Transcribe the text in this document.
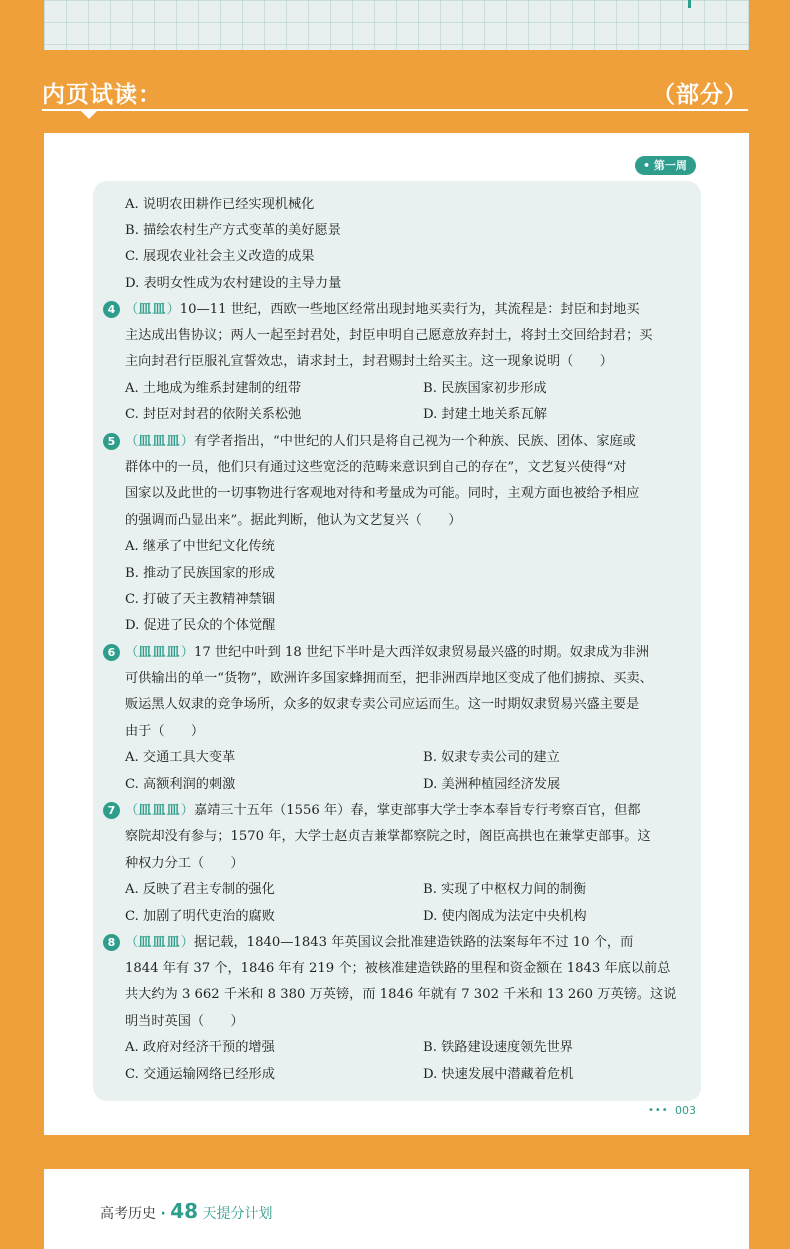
内页试读：	（部分）
• 第一周
A. 说明农田耕作已经实现机械化
B. 描绘农村生产方式变革的美好愿景
C. 展现农业社会主义改造的成果
D. 表明女性成为农村建设的主导力量
4 （皿皿）10—11 世纪，西欧一些地区经常出现封地买卖行为，其流程是：封臣和封地买
主达成出售协议；两人一起至封君处，封臣申明自己愿意放弃封土，将封土交回给封君；买
主向封君行臣服礼宣誓效忠，请求封土，封君赐封土给买主。这一现象说明（　　）
A. 土地成为维系封建制的纽带	B. 民族国家初步形成
C. 封臣对封君的依附关系松弛	D. 封建土地关系瓦解
5 （皿皿皿）有学者指出，“中世纪的人们只是将自己视为一个种族、民族、团体、家庭或
群体中的一员，他们只有通过这些宽泛的范畴来意识到自己的存在”，文艺复兴使得“对
国家以及此世的一切事物进行客观地对待和考量成为可能。同时，主观方面也被给予相应
的强调而凸显出来”。据此判断，他认为文艺复兴（　　）
A. 继承了中世纪文化传统
B. 推动了民族国家的形成
C. 打破了天主教精神禁锢
D. 促进了民众的个体觉醒
6 （皿皿皿）17 世纪中叶到 18 世纪下半叶是大西洋奴隶贸易最兴盛的时期。奴隶成为非洲
可供输出的单一“货物”，欧洲许多国家蜂拥而至，把非洲西岸地区变成了他们掳掠、买卖、
贩运黑人奴隶的竞争场所，众多的奴隶专卖公司应运而生。这一时期奴隶贸易兴盛主要是
由于（　　）
A. 交通工具大变革	B. 奴隶专卖公司的建立
C. 高额利润的刺激	D. 美洲种植园经济发展
7 （皿皿皿）嘉靖三十五年（1556 年）春，掌吏部事大学士李本奉旨专行考察百官，但都
察院却没有参与；1570 年，大学士赵贞吉兼掌都察院之时，阁臣高拱也在兼掌吏部事。这
种权力分工（　　）
A. 反映了君主专制的强化	B. 实现了中枢权力间的制衡
C. 加剧了明代吏治的腐败	D. 使内阁成为法定中央机构
8 （皿皿皿）据记载，1840—1843 年英国议会批准建造铁路的法案每年不过 10 个，而
1844 年有 37 个，1846 年有 219 个；被核准建造铁路的里程和资金额在 1843 年底以前总
共大约为 3 662 千米和 8 380 万英镑，而 1846 年就有 7 302 千米和 13 260 万英镑。这说
明当时英国（　　）
A. 政府对经济干预的增强	B. 铁路建设速度领先世界
C. 交通运输网络已经形成	D. 快速发展中潜藏着危机
••• 003
高考历史 · 48 天提分计划
